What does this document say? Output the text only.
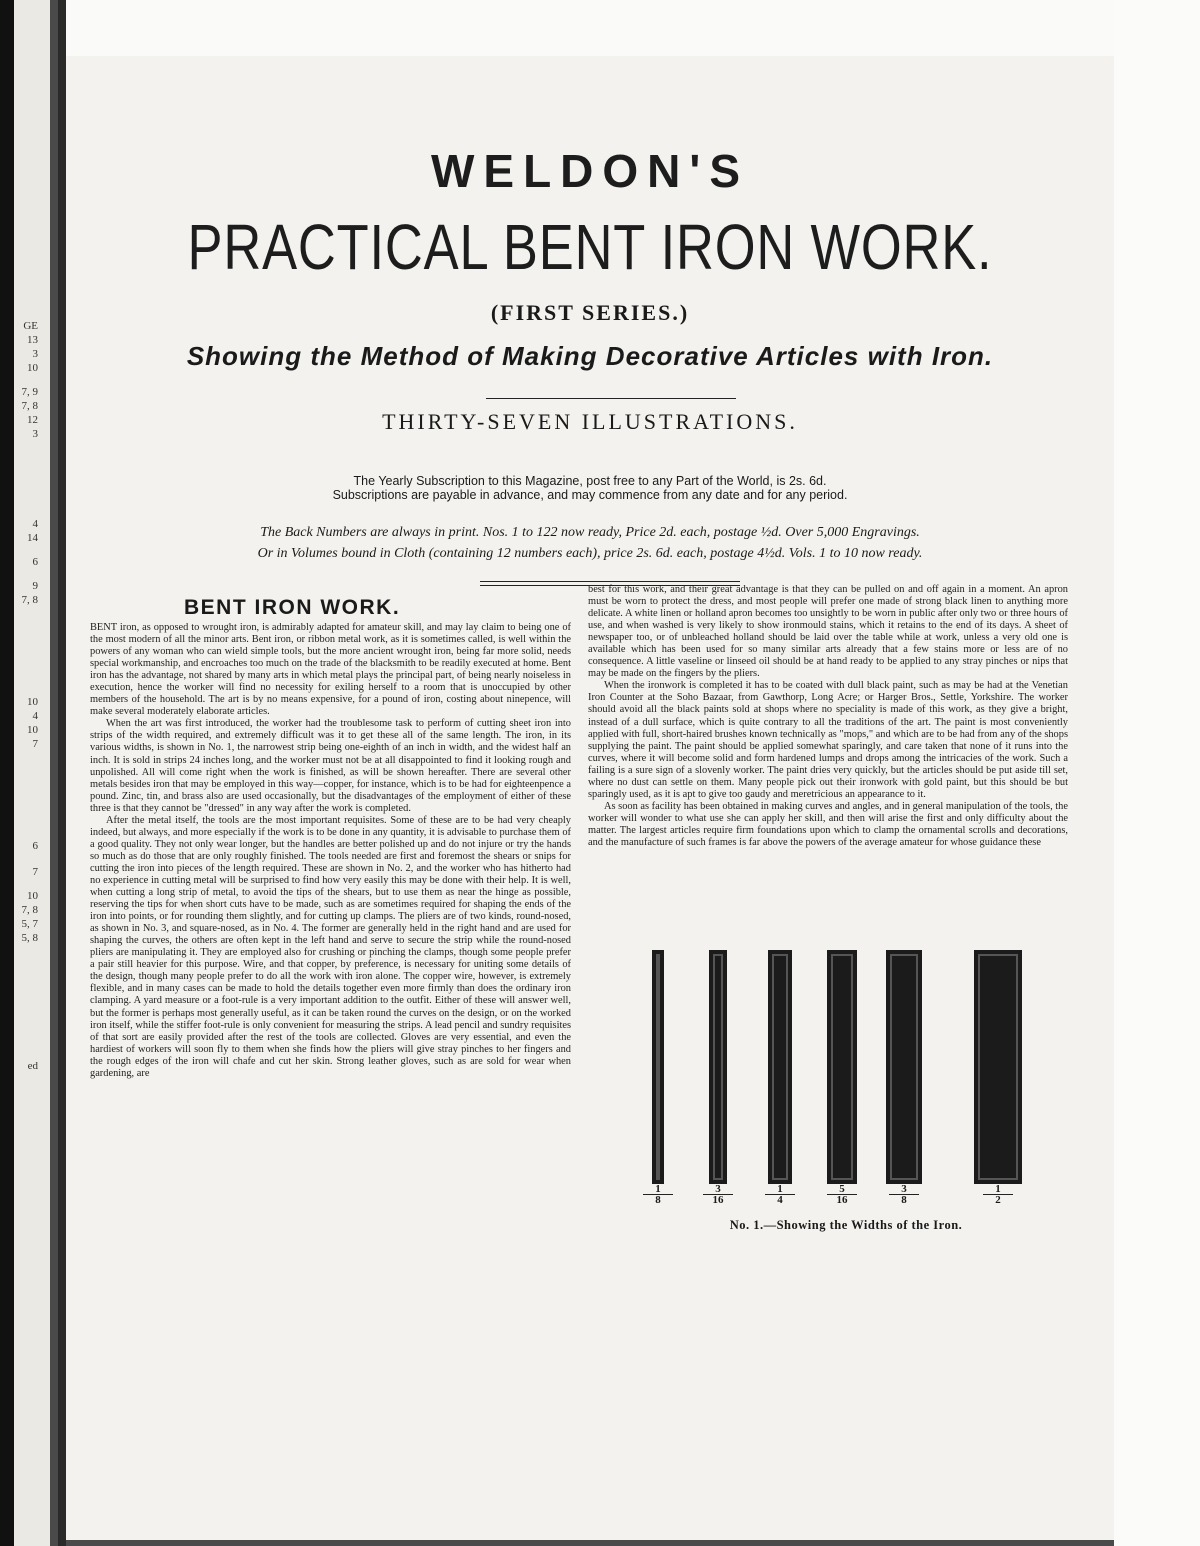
GE
13
3
10
7, 9
7, 8
12
3
4
14
6
9
7, 8
10
4
10
7
6
7
10
7, 8
5, 7
5, 8
ed
WELDON'S
PRACTICAL BENT IRON WORK.
(FIRST SERIES.)
Showing the Method of Making Decorative Articles with Iron.
THIRTY-SEVEN ILLUSTRATIONS.
The Yearly Subscription to this Magazine, post free to any Part of the World, is 2s. 6d.
Subscriptions are payable in advance, and may commence from any date and for any period.
The Back Numbers are always in print. Nos. 1 to 122 now ready, Price 2d. each, postage ½d. Over 5,000 Engravings.
Or in Volumes bound in Cloth (containing 12 numbers each), price 2s. 6d. each, postage 4½d. Vols. 1 to 10 now ready.
BENT IRON WORK.

BENT iron, as opposed to wrought iron, is admirably adapted for amateur skill, and may lay claim to being one of the most modern of all the minor arts. Bent iron, or ribbon metal work, as it is sometimes called, is well within the powers of any woman who can wield simple tools, but the more ancient wrought iron, being far more solid, needs special workmanship, and encroaches too much on the trade of the blacksmith to be readily executed at home. Bent iron has the advantage, not shared by many arts in which metal plays the principal part, of being nearly noiseless in execution, hence the worker will find no necessity for exiling herself to a room that is unoccupied by other members of the household. The art is by no means expensive, for a pound of iron, costing about ninepence, will make several moderately elaborate articles.

When the art was first introduced, the worker had the troublesome task to perform of cutting sheet iron into strips of the width required, and extremely difficult was it to get these all of the same length. The iron, in its various widths, is shown in No. 1, the narrowest strip being one-eighth of an inch in width, and the widest half an inch. It is sold in strips 24 inches long, and the worker must not be at all disappointed to find it looking rough and unpolished. All will come right when the work is finished, as will be shown hereafter. There are several other metals besides iron that may be employed in this way—copper, for instance, which is to be had for eighteenpence a pound. Zinc, tin, and brass also are used occasionally, but the disadvantages of the employment of either of these three is that they cannot be "dressed" in any way after the work is completed.

After the metal itself, the tools are the most important requisites. Some of these are to be had very cheaply indeed, but always, and more especially if the work is to be done in any quantity, it is advisable to purchase them of a good quality. They not only wear longer, but the handles are better polished up and do not injure or try the hands so much as do those that are only roughly finished. The tools needed are first and foremost the shears or snips for cutting the iron into pieces of the length required. These are shown in No. 2, and the worker who has hitherto had no experience in cutting metal will be surprised to find how very easily this may be done with their help. It is well, when cutting a long strip of metal, to avoid the tips of the shears, but to use them as near the hinge as possible, reserving the tips for when short cuts have to be made, such as are sometimes required for shaping the ends of the iron into points, or for rounding them slightly, and for cutting up clamps. The pliers are of two kinds, round-nosed, as shown in No. 3, and square-nosed, as in No. 4. The former are generally held in the right hand and are used for shaping the curves, the others are often kept in the left hand and serve to secure the strip while the round-nosed pliers are manipulating it. They are employed also for crushing or pinching the clamps, though some people prefer a pair still heavier for this purpose. Wire, and that copper, by preference, is necessary for uniting some details of the design, though many people prefer to do all the work with iron alone. The copper wire, however, is extremely flexible, and in many cases can be made to hold the details together even more firmly than does the ordinary iron clamping. A yard measure or a foot-rule is a very important addition to the outfit. Either of these will answer well, but the former is perhaps most generally useful, as it can be taken round the curves on the design, or on the worked iron itself, while the stiffer foot-rule is only convenient for measuring the strips. A lead pencil and sundry requisites of that sort are easily provided after the rest of the tools are collected. Gloves are very essential, and even the hardiest of workers will soon fly to them when she finds how the pliers will give stray pinches to her fingers and the rough edges of the iron will chafe and cut her skin. Strong leather gloves, such as are sold for wear when gardening, are

best for this work, and their great advantage is that they can be pulled on and off again in a moment. An apron must be worn to protect the dress, and most people will prefer one made of strong black linen to anything more delicate. A white linen or holland apron becomes too unsightly to be worn in public after only two or three hours of use, and when washed is very likely to show ironmould stains, which it retains to the end of its days. A sheet of newspaper too, or of unbleached holland should be laid over the table while at work, unless a very old one is available which has been used for so many similar arts already that a few stains more or less are of no consequence. A little vaseline or linseed oil should be at hand ready to be applied to any stray pinches or nips that may be made on the fingers by the pliers.

When the ironwork is completed it has to be coated with dull black paint, such as may be had at the Venetian Iron Counter at the Soho Bazaar, from Gawthorp, Long Acre; or Harger Bros., Settle, Yorkshire. The worker should avoid all the black paints sold at shops where no speciality is made of this work, as they give a bright, instead of a dull surface, which is quite contrary to all the traditions of the art. The paint is most conveniently applied with full, short-haired brushes known technically as "mops," and which are to be had from any of the shops supplying the paint. The paint should be applied somewhat sparingly, and care taken that none of it runs into the curves, where it will become solid and form hardened lumps and drops among the intricacies of the work. Such a failing is a sure sign of a slovenly worker. The paint dries very quickly, but the articles should be put aside till set, where no dust can settle on them. Many people pick out their ironwork with gold paint, but this should be but sparingly used, as it is apt to give too gaudy and meretricious an appearance to it.

As soon as facility has been obtained in making curves and angles, and in general manipulation of the tools, the worker will wonder to what use she can apply her skill, and then will arise the first and only difficulty about the matter. The largest articles require firm foundations upon which to clamp the ornamental scrolls and decorations, and the manufacture of such frames is far above the powers of the average amateur for whose guidance these

No. 1.—Showing the Widths of the Iron.
$\frac{1}{8}$	$\frac{3}{16}$	$\frac{1}{4}$	$\frac{5}{16}$	$\frac{3}{8}$	$\frac{1}{2}$
